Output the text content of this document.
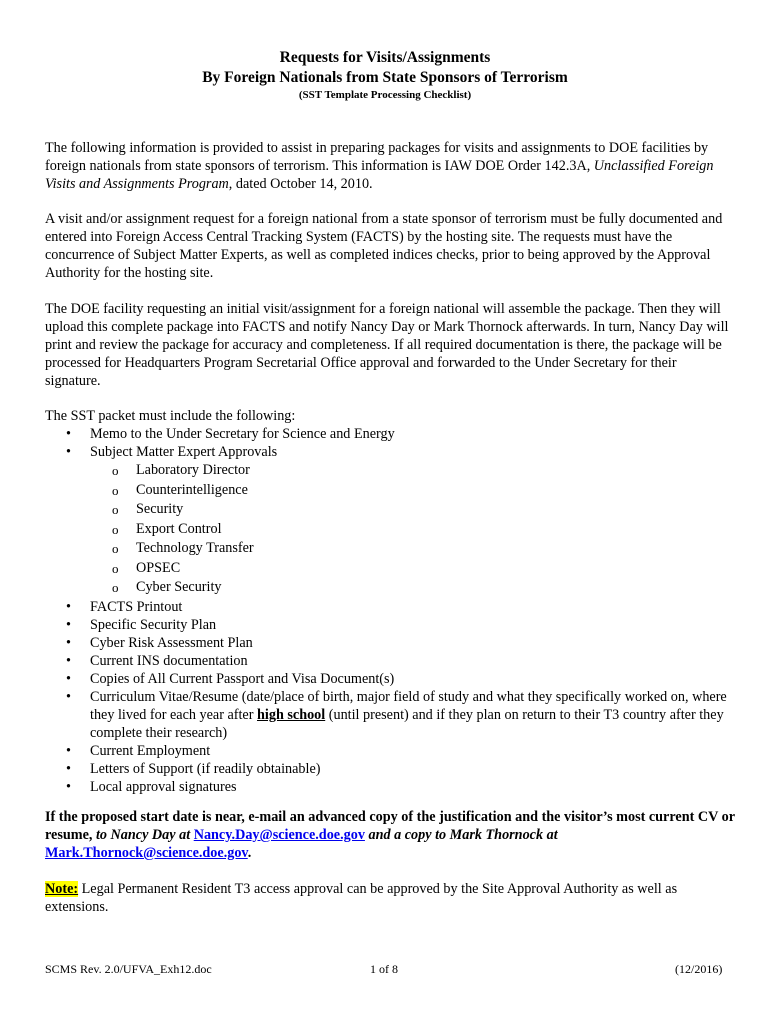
Requests for Visits/Assignments
By Foreign Nationals from State Sponsors of Terrorism
(SST Template Processing Checklist)

The following information is provided to assist in preparing packages for visits and assignments to DOE facilities by foreign nationals from state sponsors of terrorism. This information is IAW DOE Order 142.3A, Unclassified Foreign Visits and Assignments Program, dated October 14, 2010.

A visit and/or assignment request for a foreign national from a state sponsor of terrorism must be fully documented and entered into Foreign Access Central Tracking System (FACTS) by the hosting site. The requests must have the concurrence of Subject Matter Experts, as well as completed indices checks, prior to being approved by the Approval Authority for the hosting site.

The DOE facility requesting an initial visit/assignment for a foreign national will assemble the package. Then they will upload this complete package into FACTS and notify Nancy Day or Mark Thornock afterwards. In turn, Nancy Day will print and review the package for accuracy and completeness. If all required documentation is there, the package will be processed for Headquarters Program Secretarial Office approval and forwarded to the Under Secretary for their signature.

The SST packet must include the following:

• Memo to the Under Secretary for Science and Energy
• Subject Matter Expert Approvals
o Laboratory Director
o Counterintelligence
o Security
o Export Control
o Technology Transfer
o OPSEC
o Cyber Security
• FACTS Printout
• Specific Security Plan
• Cyber Risk Assessment Plan
• Current INS documentation
• Copies of All Current Passport and Visa Document(s)
• Curriculum Vitae/Resume (date/place of birth, major field of study and what they specifically worked on, where they lived for each year after high school (until present) and if they plan on return to their T3 country after they complete their research)
• Current Employment
• Letters of Support (if readily obtainable)
• Local approval signatures

If the proposed start date is near, e-mail an advanced copy of the justification and the visitor’s most current CV or resume, to Nancy Day at Nancy.Day@science.doe.gov and a copy to Mark Thornock at
Mark.Thornock@science.doe.gov.

Note: Legal Permanent Resident T3 access approval can be approved by the Site Approval Authority as well as extensions.

SCMS Rev. 2.0/UFVA_Exh12.doc	1 of 8	(12/2016)
